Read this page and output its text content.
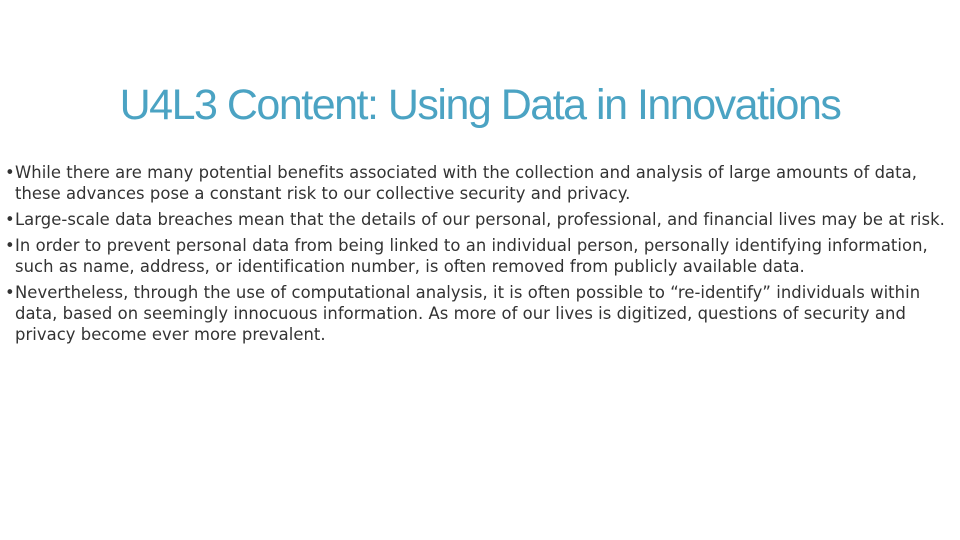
U4L3 Content: Using Data in Innovations
• While there are many potential benefits associated with the collection and analysis of large amounts of data, these advances pose a constant risk to our collective security and privacy.
• Large-scale data breaches mean that the details of our personal, professional, and financial lives may be at risk.
• In order to prevent personal data from being linked to an individual person, personally identifying information, such as name, address, or identification number, is often removed from publicly available data.
• Nevertheless, through the use of computational analysis, it is often possible to “re-identify” individuals within data, based on seemingly innocuous information. As more of our lives is digitized, questions of security and privacy become ever more prevalent.
